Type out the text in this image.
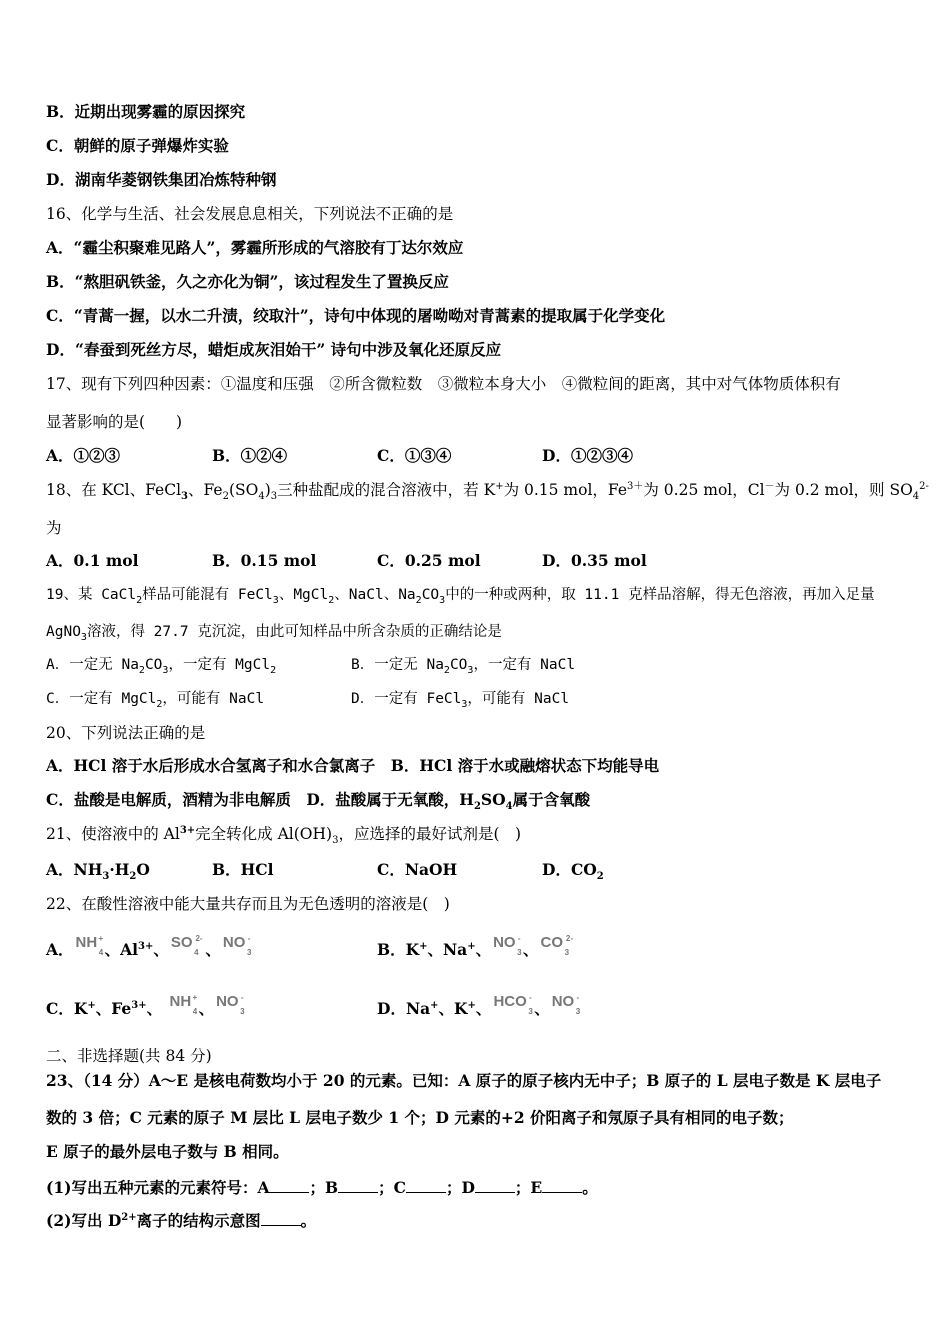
B．近期出现雾霾的原因探究
C．朝鲜的原子弹爆炸实验
D．湖南华菱钢铁集团冶炼特种钢
16、化学与生活、社会发展息息相关，下列说法不正确的是
A．“霾尘积聚难见路人”，雾霾所形成的气溶胶有丁达尔效应
B．“熬胆矾铁釜，久之亦化为铜”，该过程发生了置换反应
C．“青蒿一握，以水二升渍，绞取汁”，诗句中体现的屠呦呦对青蒿素的提取属于化学变化
D．“春蚕到死丝方尽，蜡炬成灰泪始干” 诗句中涉及氧化还原反应
17、现有下列四种因素：①温度和压强　②所含微粒数　③微粒本身大小　④微粒间的距离，其中对气体物质体积有
显著影响的是(　　)
A．①②③	B．①②④	C．①③④	D．①②③④
18、在 KCl、FeCl$_3$、$Fe_2(SO_4)_3$三种盐配成的混合溶液中，若 K+为 0.15 mol，$Fe^{3+}$为 0.25 mol，Cl－为 0.2 mol，则 $SO_4^{2-}$
为
A．0.1 mol	B．0.15 mol	C．0.25 mol	D．0.35 mol
19、某 CaCl$_2$样品可能混有 FeCl$_3$、MgCl$_2$、NaCl、$Na_2CO_3$中的一种或两种，取 11.1 克样品溶解，得无色溶液，再加入足量
AgNO$_3$溶液，得 27.7 克沉淀，由此可知样品中所含杂质的正确结论是
A．一定无 $Na_2CO_3$，一定有 MgCl$_2$	B．一定无 $Na_2CO_3$，一定有 NaCl
C．一定有 MgCl$_2$，可能有 NaCl	D．一定有 FeCl$_3$，可能有 NaCl
20、下列说法正确的是
A．HCl 溶于水后形成水合氢离子和水合氯离子　B．HCl 溶于水或融熔状态下均能导电
C．盐酸是电解质，酒精为非电解质　D．盐酸属于无氧酸，$H_2SO_4$属于含氧酸
21、使溶液中的 $Al^{3+}$完全转化成 $Al(OH)_3$，应选择的最好试剂是(　)
A．$NH_3\cdot H_2O$	B．HCl	C．NaOH	D．$CO_2$
22、在酸性溶液中能大量共存而且为无色透明的溶液是(　)
A． NH +
4 、$Al^{3+}$、 SO 2-
4 、 NO -
3	B．K+、Na+、 NO -
3 、 CO 2-
3
C．K+、$Fe^{3+}$、 NH +
4 、 NO -
3	D．Na+、K+、 HCO -
3 、 NO -
3
二、非选择题(共 84 分)
23、（14 分）A～E 是核电荷数均小于 20 的元素。已知：A 原子的原子核内无中子；B 原子的 L 层电子数是 K 层电子
数的 3 倍；C 元素的原子 M 层比 L 层电子数少 1 个；D 元素的+2 价阳离子和氖原子具有相同的电子数；
E 原子的最外层电子数与 B 相同。
(1)写出五种元素的元素符号：A	；B	；C	；D	；E	。
(2)写出 $D^{2+}$离子的结构示意图	。
